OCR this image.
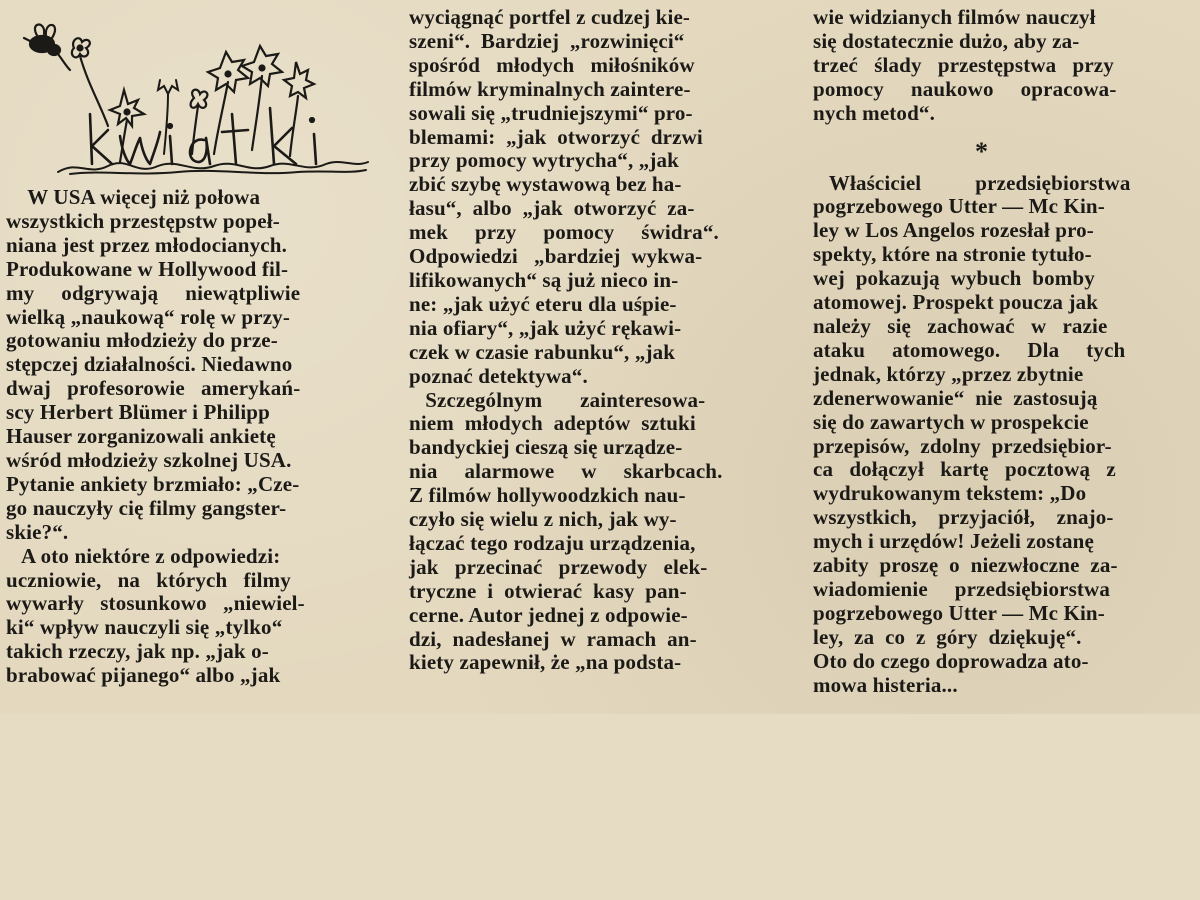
W USA więcej niż połowa

wszystkich przestępstw popeł-

niana jest przez młodocianych.

Produkowane w Hollywood fil-

my     odgrywają     niewątpliwie

wielką „naukową“ rolę w przy-

gotowaniu młodzieży do prze-

stępczej działalności. Niedawno

dwaj   profesorowie   amerykań-

scy Herbert Blümer i Philipp

Hauser zorganizowali ankietę

wśród młodzieży szkolnej USA.

Pytanie ankiety brzmiało: „Cze-

go nauczyły cię filmy gangster-

skie?“.

A oto niektóre z odpowiedzi:

uczniowie,   na   których   filmy

wywarły   stosunkowo   „niewiel-

ki“ wpływ nauczyli się „tylko“

takich rzeczy, jak np. „jak o-

brabować pijanego“ albo „jak

wyciągnąć portfel z cudzej kie-

szeni“.  Bardziej  „rozwinięci“

spośród   młodych   miłośników

filmów kryminalnych zaintere-

sowali się „trudniejszymi“ pro-

blemami:  „jak  otworzyć  drzwi

przy pomocy wytrycha“, „jak

zbić szybę wystawową bez ha-

łasu“,  albo  „jak  otworzyć  za-

mek     przy     pomocy     świdra“.

Odpowiedzi   „bardziej  wykwa-

lifikowanych“ są już nieco in-

ne: „jak użyć eteru dla uśpie-

nia ofiary“, „jak użyć rękawi-

czek w czasie rabunku“, „jak

poznać detektywa“.

Szczególnym       zainteresowa-

niem  młodych  adeptów  sztuki

bandyckiej cieszą się urządze-

nia     alarmowe     w     skarbcach.

Z filmów hollywoodzkich nau-

czyło się wielu z nich, jak wy-

łączać tego rodzaju urządzenia,

jak   przecinać   przewody   elek-

tryczne  i  otwierać  kasy  pan-

cerne. Autor jednej z odpowie-

dzi,  nadesłanej  w  ramach  an-

kiety zapewnił, że „na podsta-

wie widzianych filmów nauczył

się dostatecznie dużo, aby za-

trzeć   ślady   przestępstwa   przy

pomocy     naukowo     opracowa-

nych metod“.

Właściciel          przedsiębiorstwa

pogrzebowego Utter — Mc Kin-

ley w Los Angelos rozesłał pro-

spekty, które na stronie tytuło-

wej  pokazują  wybuch  bomby

atomowej. Prospekt poucza jak

należy   się   zachować   w   razie

ataku     atomowego.     Dla     tych

jednak, którzy „przez zbytnie

zdenerwowanie“  nie  zastosują

się do zawartych w prospekcie

przepisów,  zdolny  przedsiębior-

ca   dołączył   kartę   pocztową   z

wydrukowanym tekstem: „Do

wszystkich,    przyjaciół,    znajo-

mych i urzędów! Jeżeli zostanę

zabity  proszę  o  niezwłoczne  za-

wiadomienie     przedsiębiorstwa

pogrzebowego Utter — Mc Kin-

ley,  za  co  z  góry  dziękuję“.

Oto do czego doprowadza ato-

mowa histeria...

*
